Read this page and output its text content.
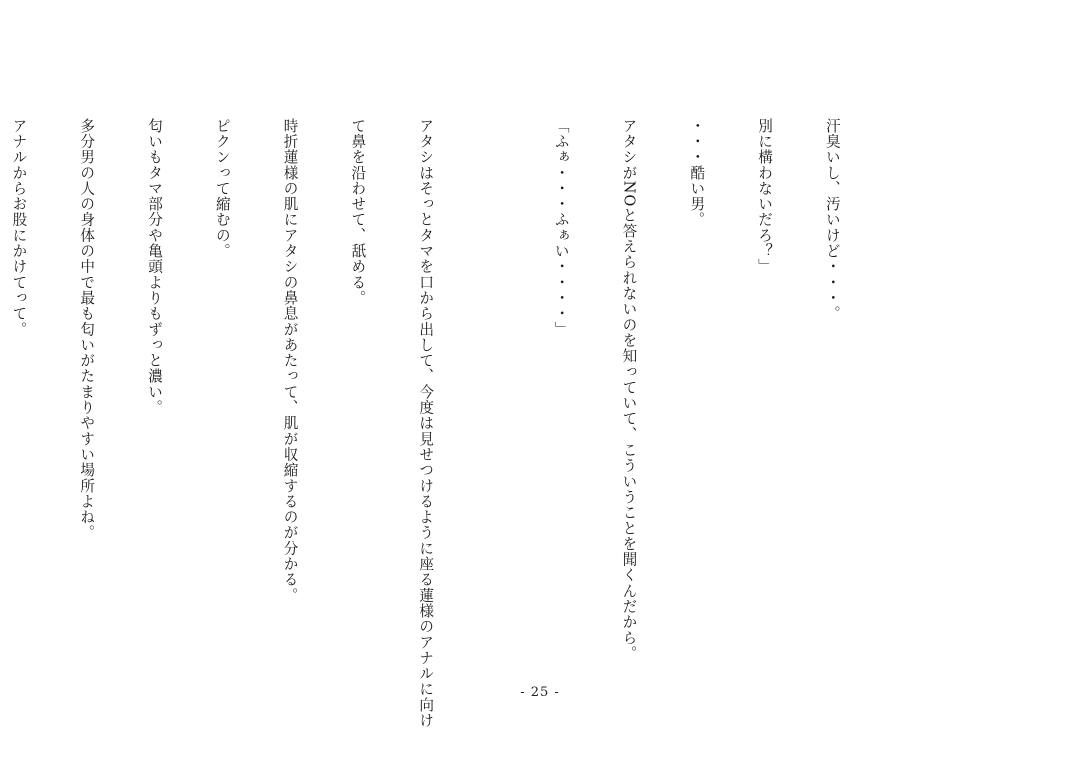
汗臭いし、汚いけど・・・。

別に構わないだろ？」

・・・酷い男。

アタシがNOと答えられないのを知っていて、こういうことを聞くんだから。

「ふぁ・・・ふぁい・・・・」

アタシはそっとタマを口から出して、今度は見せつけるように座る蓮様のアナルに向け

て鼻を沿わせて、舐める。

時折蓮様の肌にアタシの鼻息があたって、肌が収縮するのが分かる。

ピクンって縮むの。

匂いもタマ部分や亀頭よりもずっと濃い。

多分男の人の身体の中で最も匂いがたまりやすい場所よね。

アナルからお股にかけてって。

- 25 -
